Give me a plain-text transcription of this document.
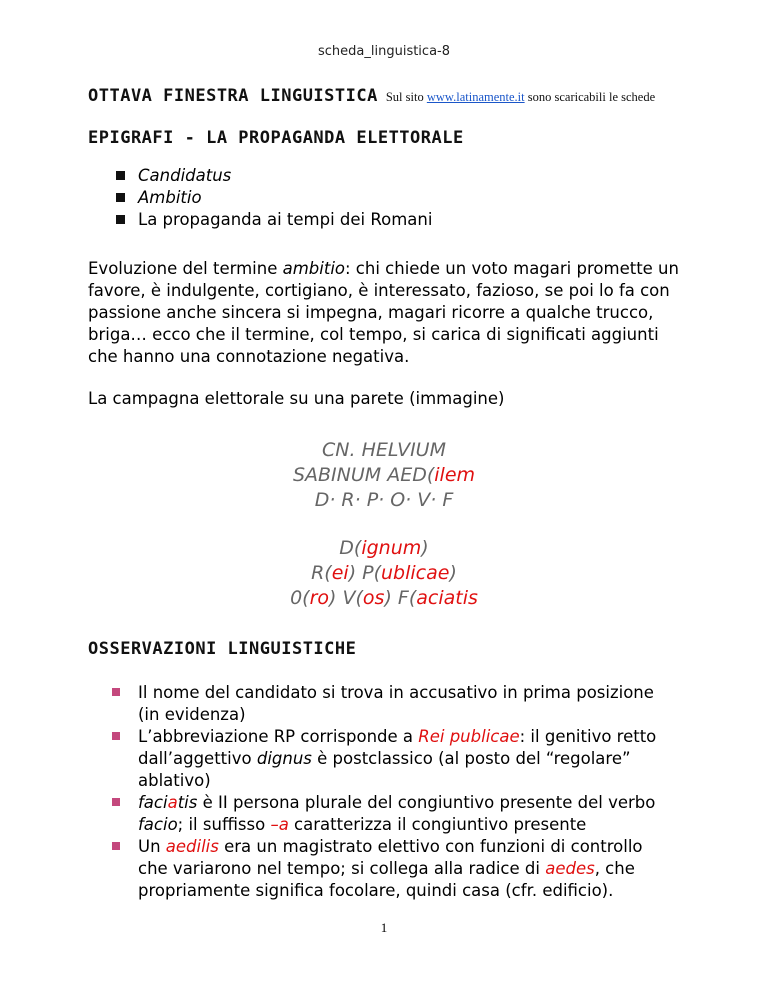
scheda_linguistica-8
OTTAVA FINESTRA LINGUISTICA Sul sito www.latinamente.it sono scaricabili le schede
EPIGRAFI - LA PROPAGANDA ELETTORALE
Candidatus
Ambitio
La propaganda ai tempi dei Romani

Evoluzione del termine ambitio: chi chiede un voto magari promette un favore, è indulgente, cortigiano, è interessato, fazioso, se poi lo fa con passione anche sincera si impegna, magari ricorre a qualche trucco, briga… ecco che il termine, col tempo, si carica di significati aggiunti che hanno una connotazione negativa.

La campagna elettorale su una parete (immagine)

CN. HELVIUM
SABINUM AED(ilem
D· R· P· O· V· F
D(ignum)
R(ei) P(ublicae)
0(ro) V(os) F(aciatis
OSSERVAZIONI LINGUISTICHE
Il nome del candidato si trova in accusativo in prima posizione (in evidenza)
L’abbreviazione RP corrisponde a Rei publicae: il genitivo retto dall’aggettivo dignus è postclassico (al posto del “regolare” ablativo)
faciatis è II persona plurale del congiuntivo presente del verbo facio; il suffisso –a caratterizza il congiuntivo presente
Un aedilis era un magistrato elettivo con funzioni di controllo che variarono nel tempo; si collega alla radice di aedes, che propriamente significa focolare, quindi casa (cfr. edificio).
1
